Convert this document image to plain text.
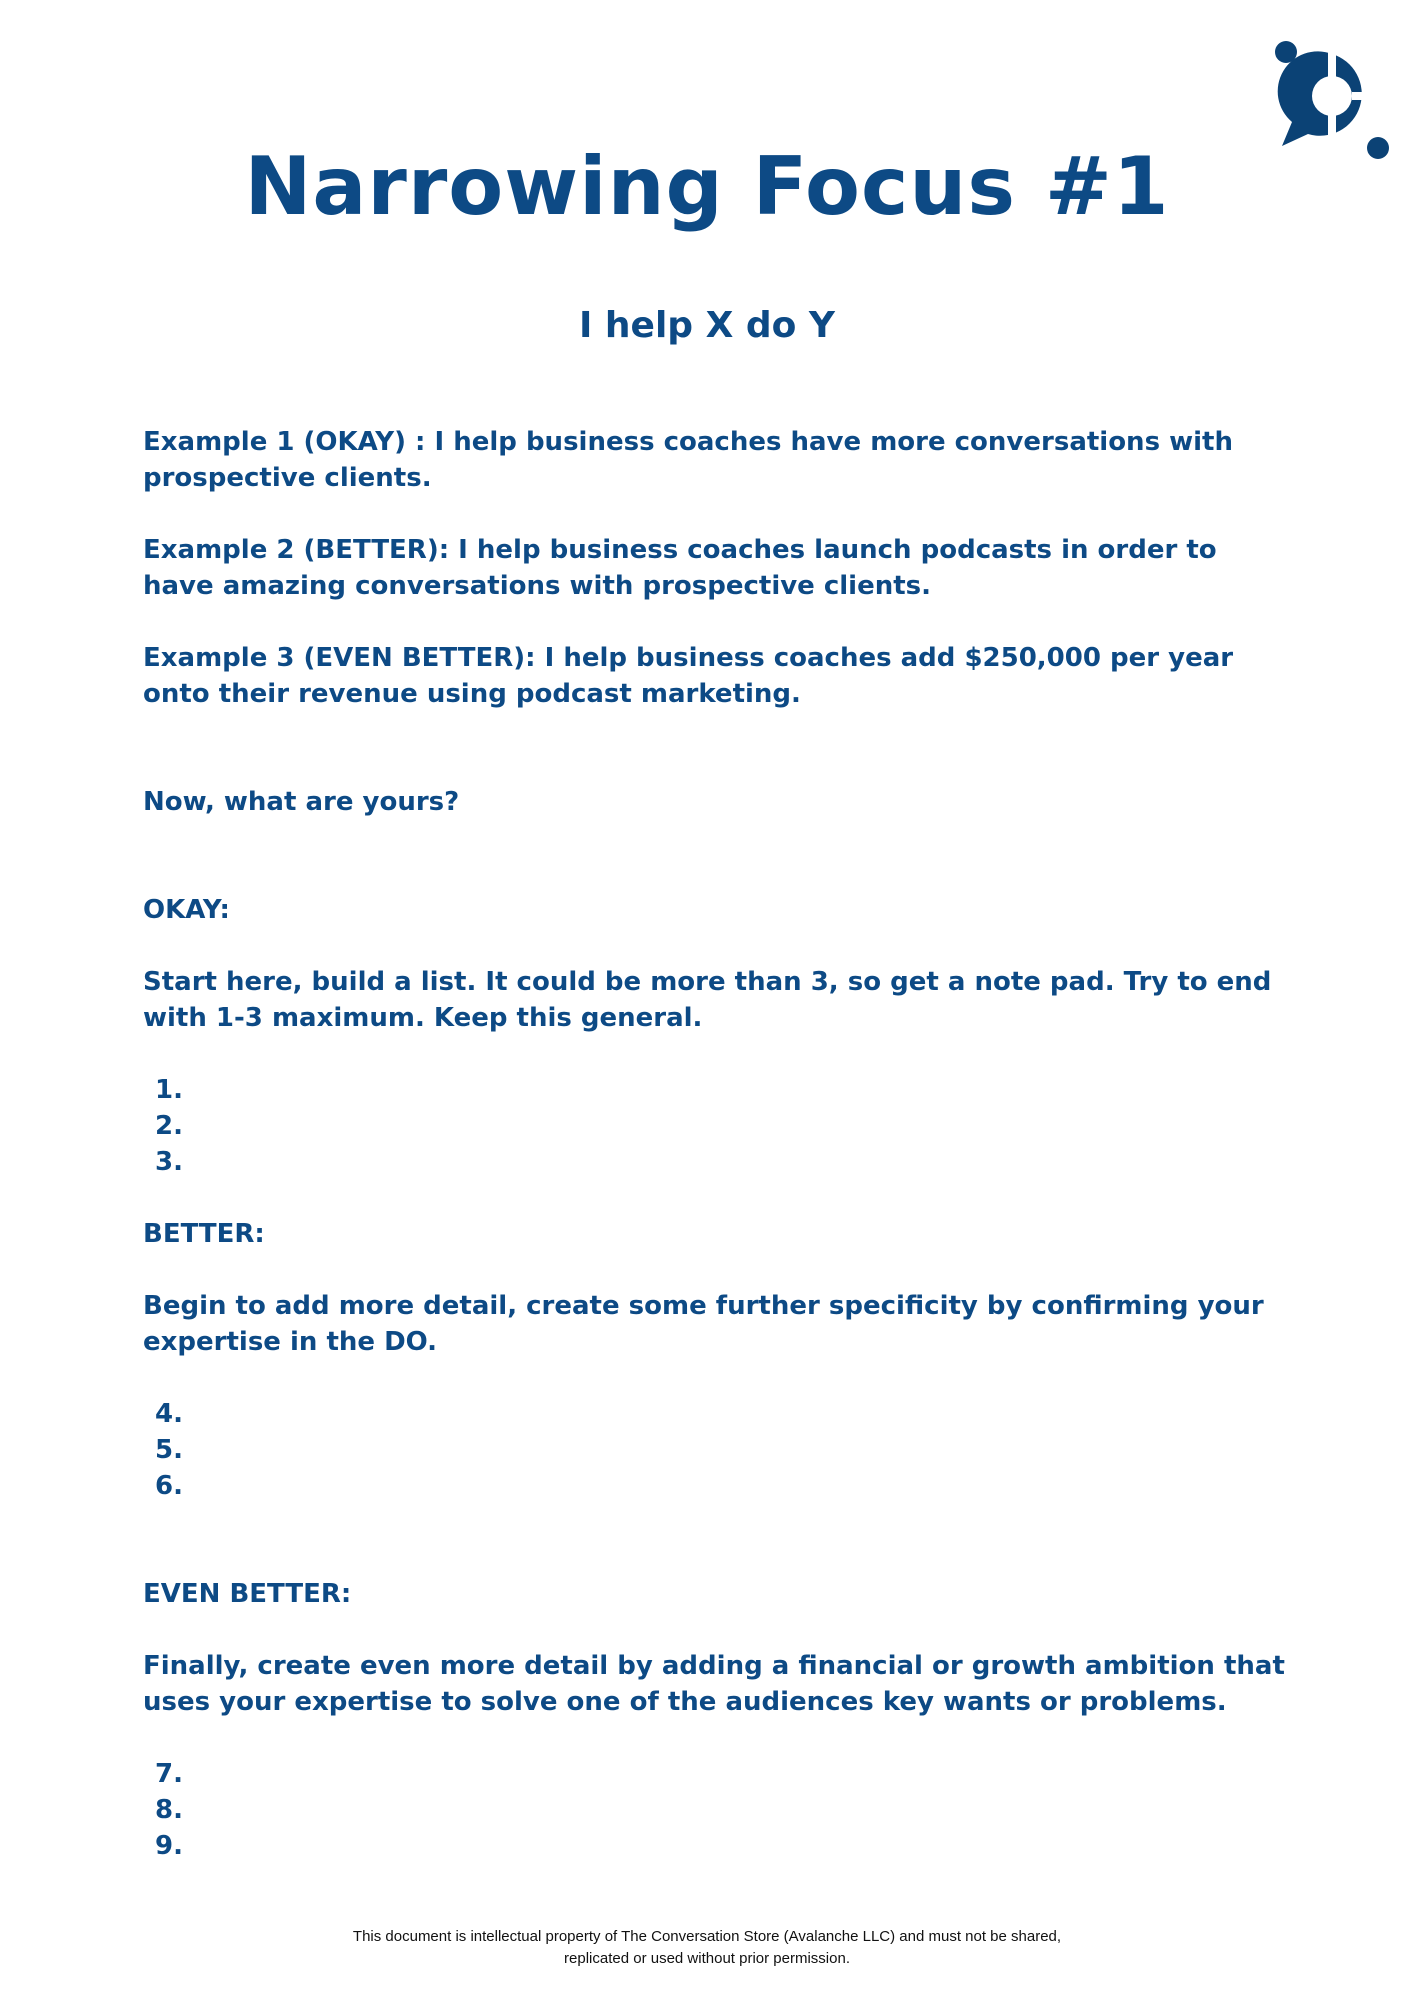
Narrowing Focus #1
I help X do Y

Example 1 (OKAY) : I help business coaches have more conversations with prospective clients.

Example 2 (BETTER): I help business coaches launch podcasts in order to have amazing conversations with prospective clients.

Example 3 (EVEN BETTER): I help business coaches add $250,000 per year onto their revenue using podcast marketing.

Now, what are yours?

OKAY:

Start here, build a list. It could be more than 3, so get a note pad. Try to end with 1-3 maximum. Keep this general.

1.
2.
3.

BETTER:

Begin to add more detail, create some further specificity by confirming your expertise in the DO.

4.
5.
6.

EVEN BETTER:

Finally, create even more detail by adding a financial or growth ambition that uses your expertise to solve one of the audiences key wants or problems.

7.
8.
9.
This document is intellectual property of The Conversation Store (Avalanche LLC) and must not be shared,
replicated or used without prior permission.
